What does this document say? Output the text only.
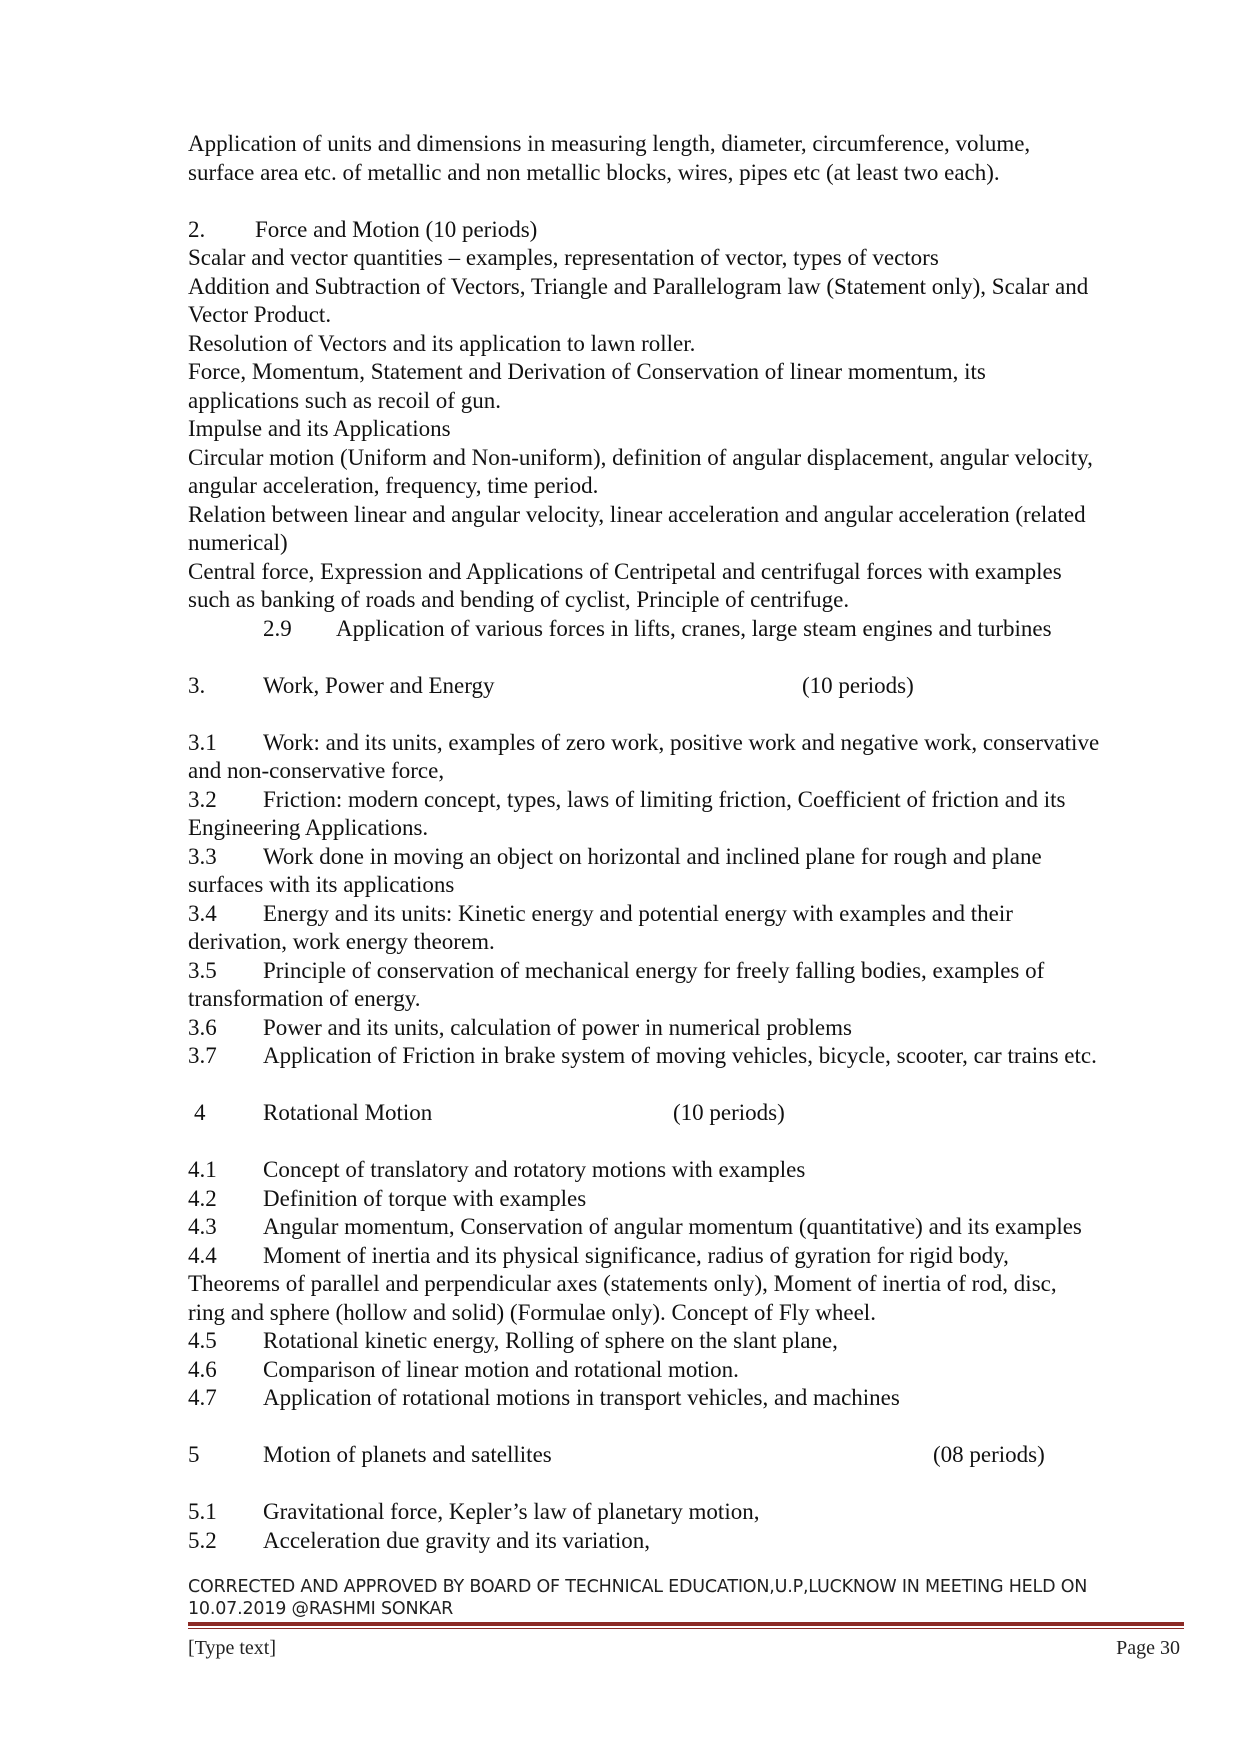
Application of units and dimensions in measuring length, diameter, circumference, volume,
surface area etc. of metallic and non metallic blocks, wires, pipes etc (at least two each).
2.	Force and Motion (10 periods)
Scalar and vector quantities – examples, representation of vector, types of vectors
Addition and Subtraction of Vectors, Triangle and Parallelogram law (Statement only), Scalar and
Vector Product.
Resolution of Vectors and its application to lawn roller.
Force, Momentum, Statement and Derivation of Conservation of linear momentum, its
applications such as recoil of gun.
Impulse and its Applications
Circular motion (Uniform and Non-uniform), definition of angular displacement, angular velocity,
angular acceleration, frequency, time period.
Relation between linear and angular velocity, linear acceleration and angular acceleration (related
numerical)
Central force, Expression and Applications of Centripetal and centrifugal forces with examples
such as banking of roads and bending of cyclist, Principle of centrifuge.
2.9	Application of various forces in lifts, cranes, large steam engines and turbines
3.	Work, Power and Energy	(10 periods)
3.1	Work: and its units, examples of zero work, positive work and negative work, conservative
and non-conservative force,
3.2	Friction: modern concept, types, laws of limiting friction, Coefficient of friction and its
Engineering Applications.
3.3	Work done in moving an object on horizontal and inclined plane for rough and plane
surfaces with its applications
3.4	Energy and its units: Kinetic energy and potential energy with examples and their
derivation, work energy theorem.
3.5	Principle of conservation of mechanical energy for freely falling bodies, examples of
transformation of energy.
3.6	Power and its units, calculation of power in numerical problems
3.7	Application of Friction in brake system of moving vehicles, bicycle, scooter, car trains etc.
4	Rotational Motion	(10 periods)
4.1	Concept of translatory and rotatory motions with examples
4.2	Definition of torque with examples
4.3	Angular momentum, Conservation of angular momentum (quantitative) and its examples
4.4	Moment of inertia and its physical significance, radius of gyration for rigid body,
Theorems of parallel and perpendicular axes (statements only), Moment of inertia of rod, disc,
ring and sphere (hollow and solid) (Formulae only). Concept of Fly wheel.
4.5	Rotational kinetic energy, Rolling of sphere on the slant plane,
4.6	Comparison of linear motion and rotational motion.
4.7	Application of rotational motions in transport vehicles, and machines
5	Motion of planets and satellites	(08 periods)
5.1	Gravitational force, Kepler’s law of planetary motion,
5.2	Acceleration due gravity and its variation,
CORRECTED AND APPROVED BY BOARD OF TECHNICAL EDUCATION,U.P,LUCKNOW IN MEETING HELD ON
10.07.2019 @RASHMI SONKAR
[Type text]	Page 30
